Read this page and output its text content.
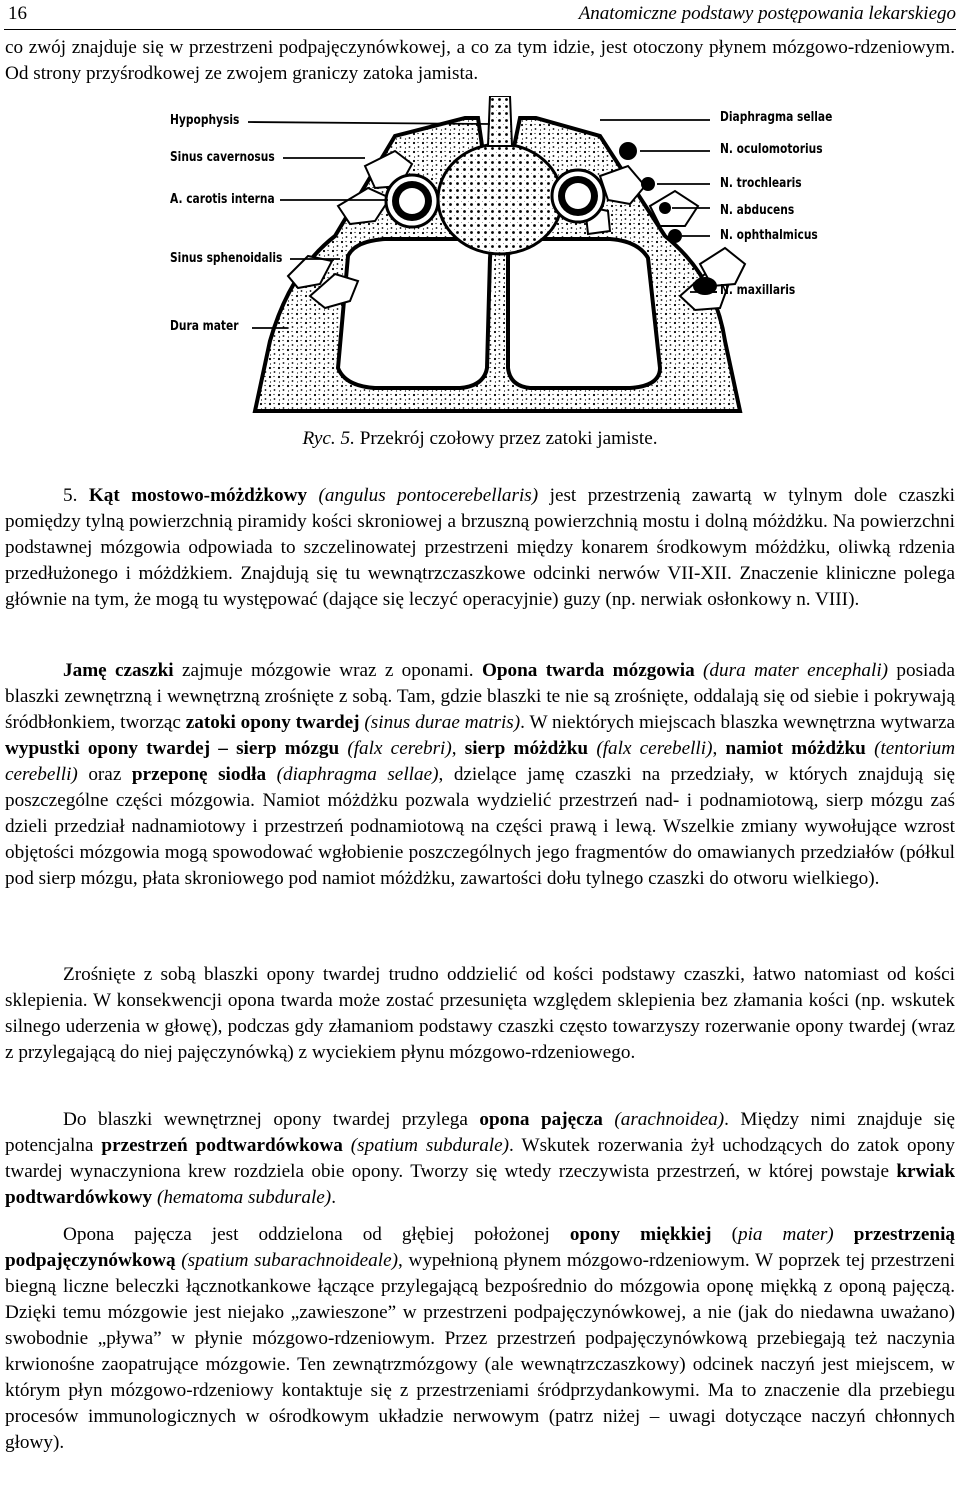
16	Anatomiczne podstawy postępowania lekarskiego

co zwój znajduje się w przestrzeni podpajęczynówkowej, a co za tym idzie, jest otoczony płynem mózgowo-rdzeniowym. Od strony przyśrodkowej ze zwojem graniczy zatoka jamista.

Hypophysis
Sinus cavernosus
A. carotis interna
Sinus sphenoidalis
Dura mater
Diaphragma sellae
N. oculomotorius
N. trochlearis
N. abducens
N. ophthalmicus
N. maxillaris
Ryc. 5. Przekrój czołowy przez zatoki jamiste.

5. Kąt mostowo-móżdżkowy (angulus pontocerebellaris) jest przestrzenią zawartą w tylnym dole czaszki pomiędzy tylną powierzchnią piramidy kości skroniowej a brzuszną powierzchnią mostu i dolną móżdżku. Na powierzchni podstawnej mózgowia odpowiada to szczelinowatej przestrzeni między konarem środkowym móżdżku, oliwką rdzenia przedłużonego i móżdżkiem. Znajdują się tu wewnątrzczaszkowe odcinki nerwów VII-XII. Znaczenie kliniczne polega głównie na tym, że mogą tu występować (dające się leczyć operacyjnie) guzy (np. nerwiak osłonkowy n. VIII).

Jamę czaszki zajmuje mózgowie wraz z oponami. Opona twarda mózgowia (dura mater encephali) posiada blaszki zewnętrzną i wewnętrzną zrośnięte z sobą. Tam, gdzie blaszki te nie są zrośnięte, oddalają się od siebie i pokrywają śródbłonkiem, tworząc zatoki opony twardej (sinus durae matris). W niektórych miejscach blaszka wewnętrzna wytwarza wypustki opony twardej – sierp mózgu (falx cerebri), sierp móżdżku (falx cerebelli), namiot móżdżku (tentorium cerebelli) oraz przeponę siodła (diaphragma sellae), dzielące jamę czaszki na przedziały, w których znajdują się poszczególne części mózgowia. Namiot móżdżku pozwala wydzielić przestrzeń nad- i podnamiotową, sierp mózgu zaś dzieli przedział nadnamiotowy i przestrzeń podnamiotową na części prawą i lewą. Wszelkie zmiany wywołujące wzrost objętości mózgowia mogą spowodować wgłobienie poszczególnych jego fragmentów do omawianych przedziałów (półkul pod sierp mózgu, płata skroniowego pod namiot móżdżku, zawartości dołu tylnego czaszki do otworu wielkiego).

Zrośnięte z sobą blaszki opony twardej trudno oddzielić od kości podstawy czaszki, łatwo natomiast od kości sklepienia. W konsekwencji opona twarda może zostać przesunięta względem sklepienia bez złamania kości (np. wskutek silnego uderzenia w głowę), podczas gdy złamaniom podstawy czaszki często towarzyszy rozerwanie opony twardej (wraz z przylegającą do niej pajęczynówką) z wyciekiem płynu mózgowo-rdzeniowego.

Do blaszki wewnętrznej opony twardej przylega opona pajęcza (arachnoidea). Między nimi znajduje się potencjalna przestrzeń podtwardówkowa (spatium subdurale). Wskutek rozerwania żył uchodzących do zatok opony twardej wynaczyniona krew rozdziela obie opony. Tworzy się wtedy rzeczywista przestrzeń, w której powstaje krwiak podtwardówkowy (hematoma subdurale).

Opona pajęcza jest oddzielona od głębiej położonej opony miękkiej (pia mater) przestrzenią podpajęczynówkową (spatium subarachnoideale), wypełnioną płynem mózgowo-rdzeniowym. W poprzek tej przestrzeni biegną liczne beleczki łącznotkankowe łączące przylegającą bezpośrednio do mózgowia oponę miękką z oponą pajęczą. Dzięki temu mózgowie jest niejako „zawieszone” w przestrzeni podpajęczynówkowej, a nie (jak do niedawna uważano) swobodnie „pływa” w płynie mózgowo-rdzeniowym. Przez przestrzeń podpajęczynówkową przebiegają też naczynia krwionośne zaopatrujące mózgowie. Ten zewnątrzmózgowy (ale wewnątrzczaszkowy) odcinek naczyń jest miejscem, w którym płyn mózgowo-rdzeniowy kontaktuje się z przestrzeniami śródprzydankowymi. Ma to znaczenie dla przebiegu procesów immunologicznych w ośrodkowym układzie nerwowym (patrz niżej – uwagi dotyczące naczyń chłonnych głowy).
